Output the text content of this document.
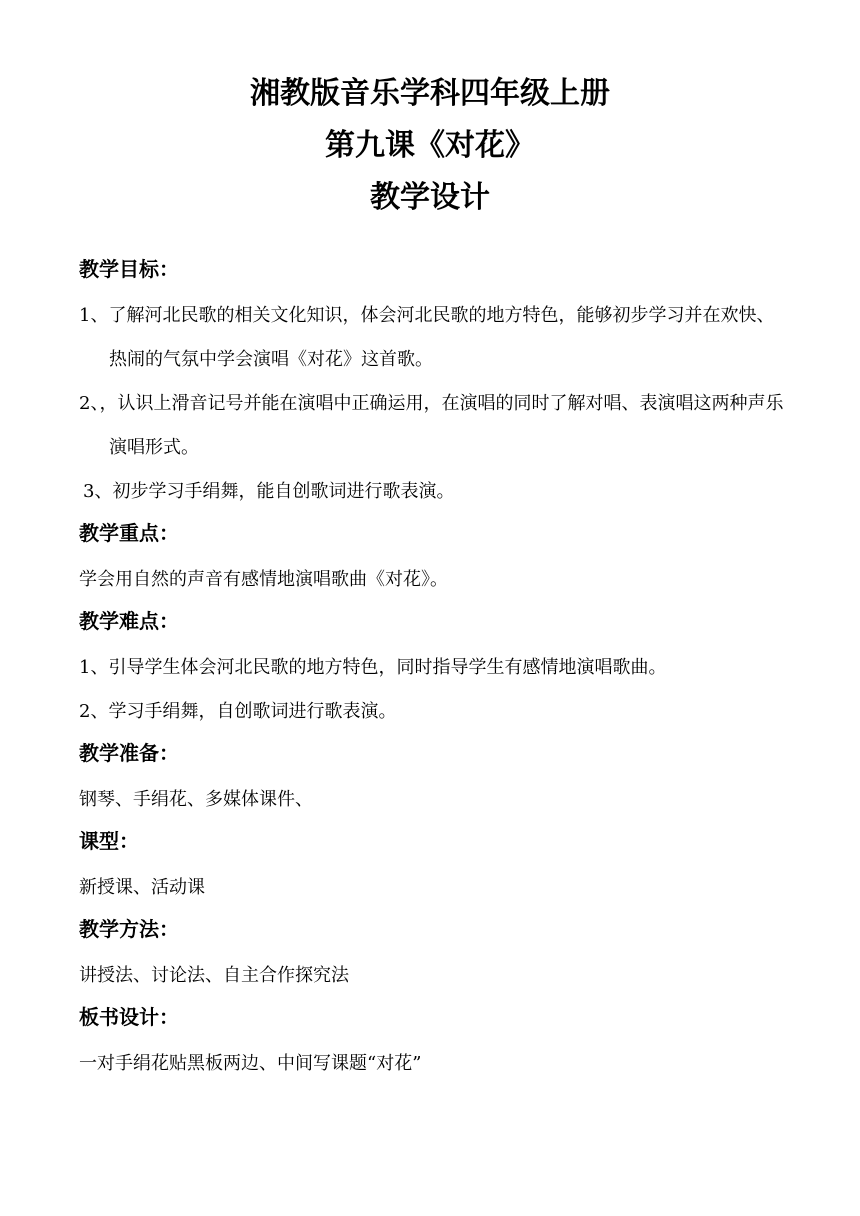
湘教版音乐学科四年级上册
第九课《对花》
教学设计
教学目标：

1、了解河北民歌的相关文化知识，体会河北民歌的地方特色，能够初步学习并在欢快、热闹的气氛中学会演唱《对花》这首歌。

2、，认识上滑音记号并能在演唱中正确运用，在演唱的同时了解对唱、表演唱这两种声乐演唱形式。

3、初步学习手绢舞，能自创歌词进行歌表演。

教学重点：

学会用自然的声音有感情地演唱歌曲《对花》。

教学难点：

1、引导学生体会河北民歌的地方特色，同时指导学生有感情地演唱歌曲。

2、学习手绢舞，自创歌词进行歌表演。

教学准备：

钢琴、手绢花、多媒体课件、

课型：

新授课、活动课

教学方法：

讲授法、讨论法、自主合作探究法

板书设计：

一对手绢花贴黑板两边、中间写课题“对花”
